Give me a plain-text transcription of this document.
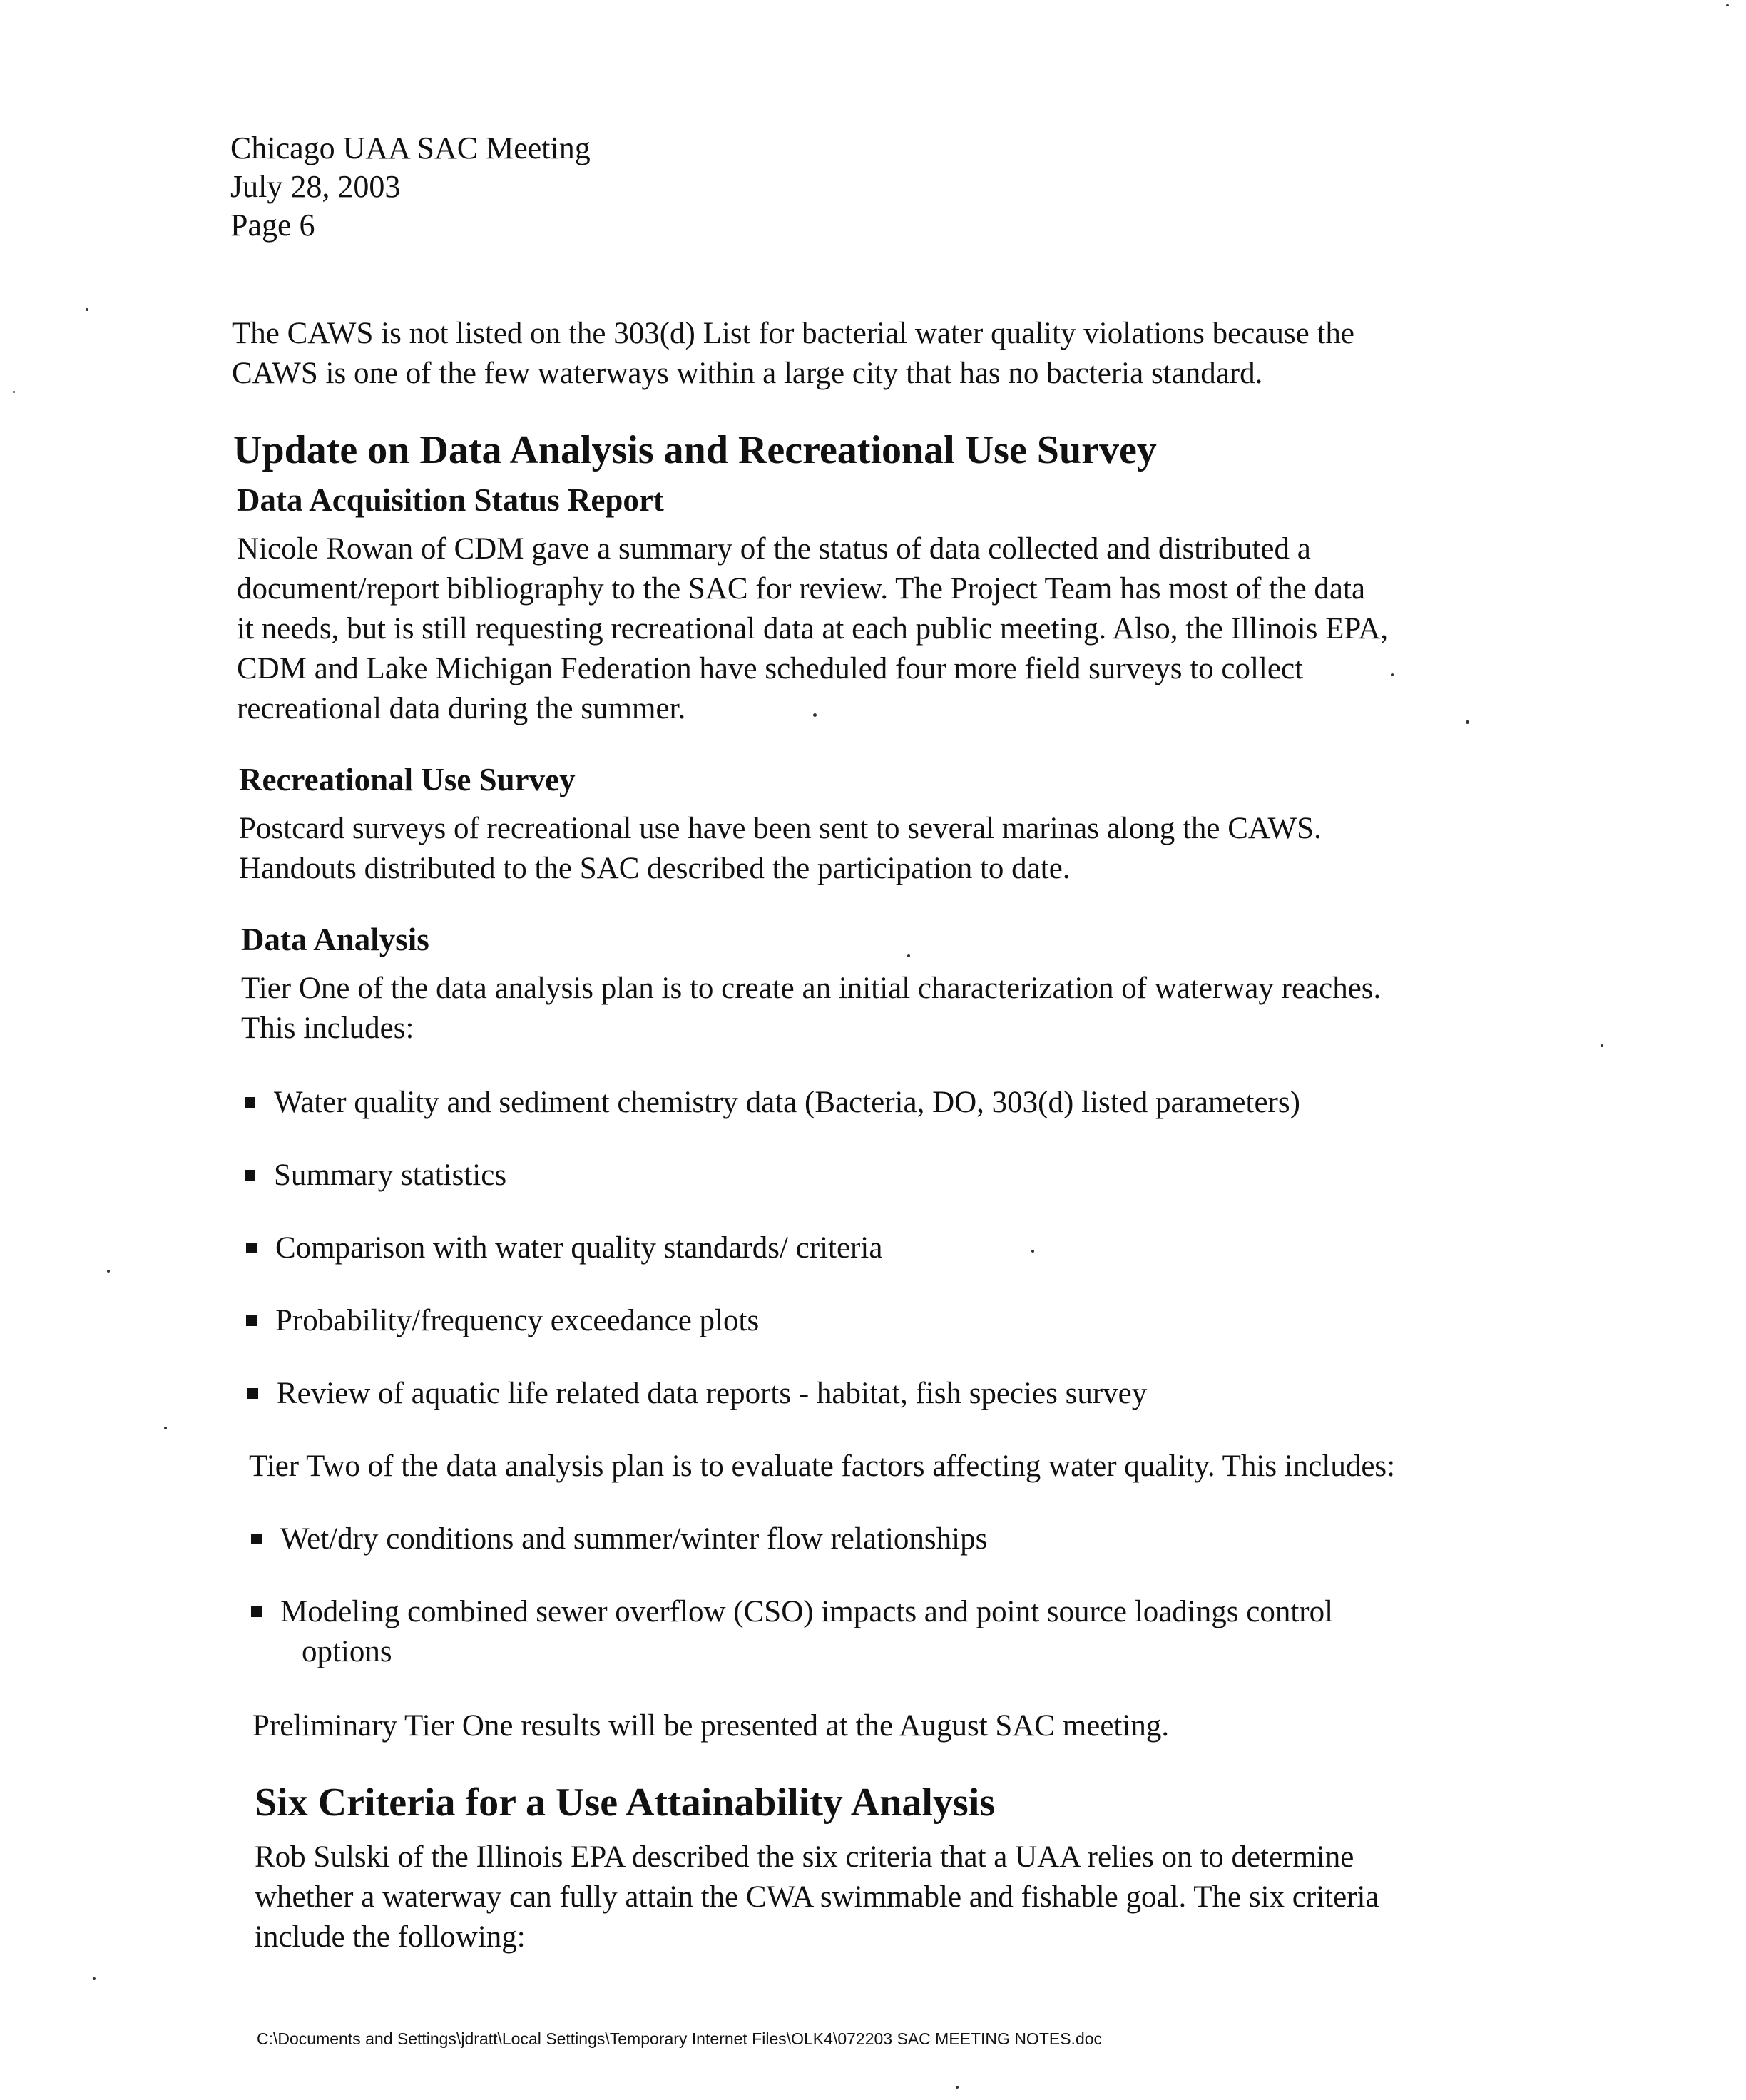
Chicago UAA SAC Meeting
July 28, 2003
Page 6
The CAWS is not listed on the 303(d) List for bacterial water quality violations because the
CAWS is one of the few waterways within a large city that has no bacteria standard.
Update on Data Analysis and Recreational Use Survey
Data Acquisition Status Report
Nicole Rowan of CDM gave a summary of the status of data collected and distributed a
document/report bibliography to the SAC for review. The Project Team has most of the data
it needs, but is still requesting recreational data at each public meeting. Also, the Illinois EPA,
CDM and Lake Michigan Federation have scheduled four more field surveys to collect
recreational data during the summer.
Recreational Use Survey
Postcard surveys of recreational use have been sent to several marinas along the CAWS.
Handouts distributed to the SAC described the participation to date.
Data Analysis
Tier One of the data analysis plan is to create an initial characterization of waterway reaches.
This includes:
Water quality and sediment chemistry data (Bacteria, DO, 303(d) listed parameters)
Summary statistics
Comparison with water quality standards/ criteria
Probability/frequency exceedance plots
Review of aquatic life related data reports - habitat, fish species survey
Tier Two of the data analysis plan is to evaluate factors affecting water quality. This includes:
Wet/dry conditions and summer/winter flow relationships
Modeling combined sewer overflow (CSO) impacts and point source loadings control
options
Preliminary Tier One results will be presented at the August SAC meeting.
Six Criteria for a Use Attainability Analysis
Rob Sulski of the Illinois EPA described the six criteria that a UAA relies on to determine
whether a waterway can fully attain the CWA swimmable and fishable goal. The six criteria
include the following:
C:\Documents and Settings\jdratt\Local Settings\Temporary Internet Files\OLK4\072203 SAC MEETING NOTES.doc
